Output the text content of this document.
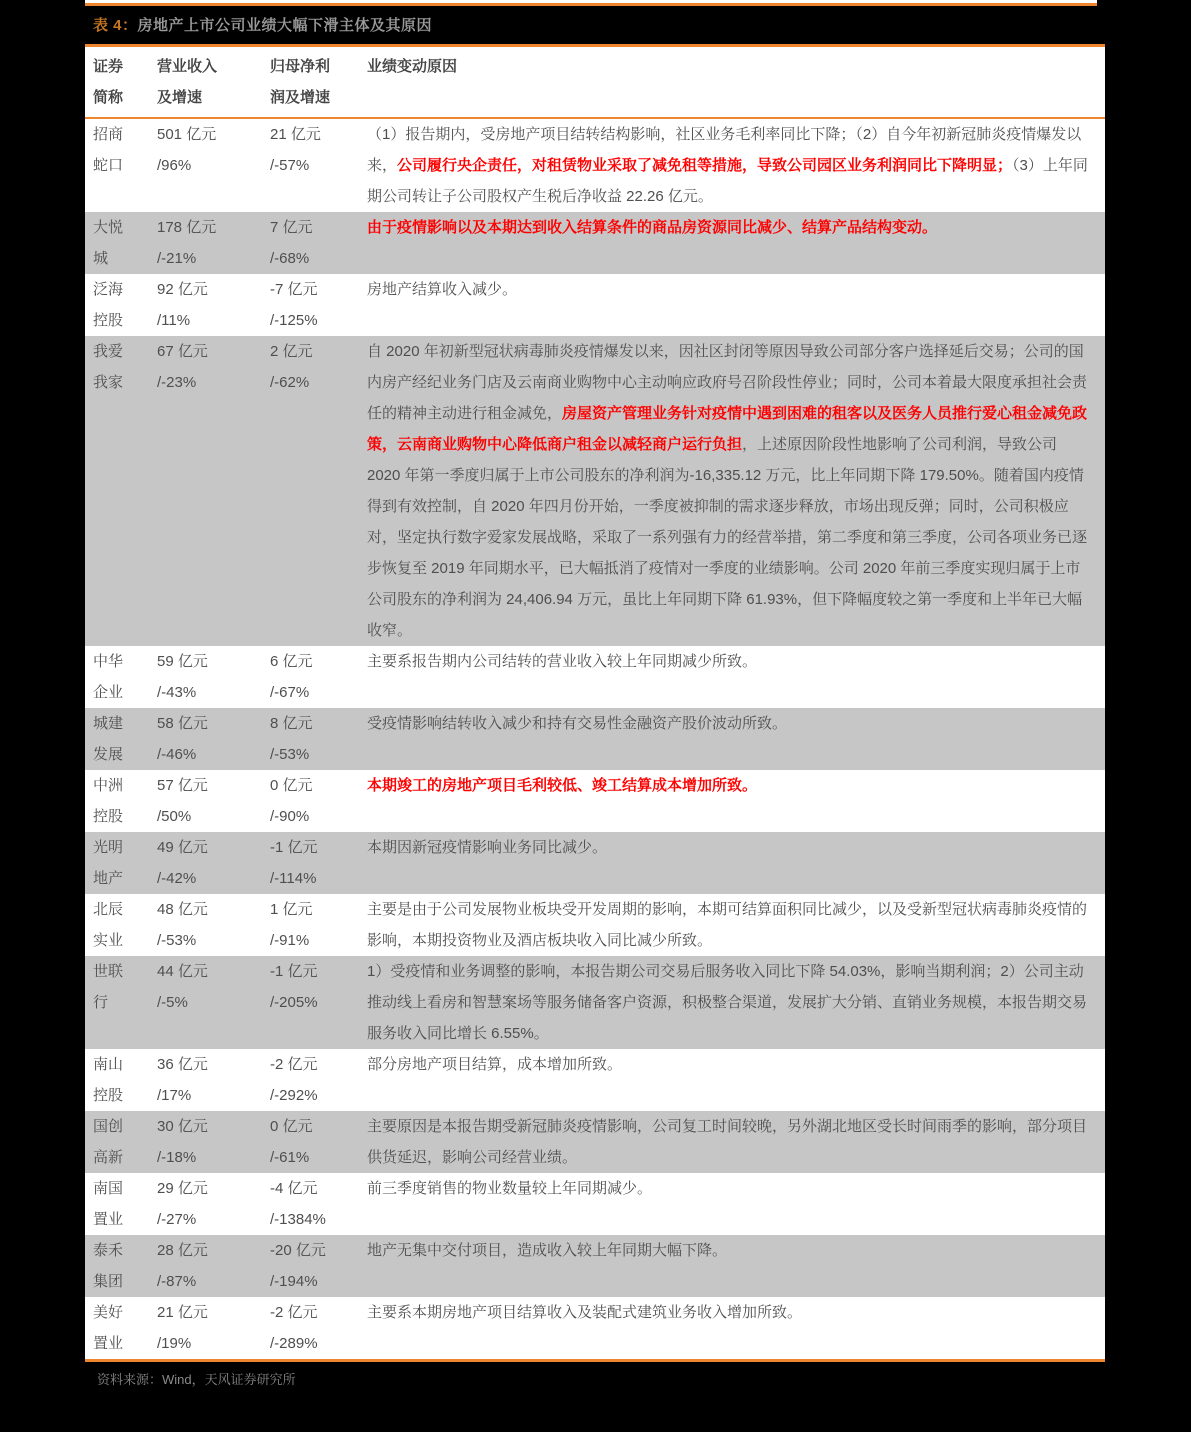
表 4：房地产上市公司业绩大幅下滑主体及其原因
证券
简称
营业收入
及增速
归母净利
润及增速
业绩变动原因
招商
蛇口
501 亿元
/96%
21 亿元
/-57%
（1）报告期内，受房地产项目结转结构影响，社区业务毛利率同比下降；（2）自今年初新冠肺炎疫情爆发以来，公司履行央企责任，对租赁物业采取了减免租等措施，导致公司园区业务利润同比下降明显；（3）上年同期公司转让子公司股权产生税后净收益 22.26 亿元。
大悦
城
178 亿元
/-21%
7 亿元
/-68%
由于疫情影响以及本期达到收入结算条件的商品房资源同比减少、结算产品结构变动。
泛海
控股
92 亿元
/11%
-7 亿元
/-125%
房地产结算收入减少。
我爱
我家
67 亿元
/-23%
2 亿元
/-62%
自 2020 年初新型冠状病毒肺炎疫情爆发以来，因社区封闭等原因导致公司部分客户选择延后交易；公司的国内房产经纪业务门店及云南商业购物中心主动响应政府号召阶段性停业；同时，公司本着最大限度承担社会责任的精神主动进行租金减免，房屋资产管理业务针对疫情中遇到困难的租客以及医务人员推行爱心租金减免政策，云南商业购物中心降低商户租金以减轻商户运行负担，上述原因阶段性地影响了公司利润，导致公司 2020 年第一季度归属于上市公司股东的净利润为-16,335.12 万元，比上年同期下降 179.50%。随着国内疫情得到有效控制，自 2020 年四月份开始，一季度被抑制的需求逐步释放，市场出现反弹；同时，公司积极应对，坚定执行数字爱家发展战略，采取了一系列强有力的经营举措，第二季度和第三季度，公司各项业务已逐步恢复至 2019 年同期水平，已大幅抵消了疫情对一季度的业绩影响。公司 2020 年前三季度实现归属于上市公司股东的净利润为 24,406.94 万元，虽比上年同期下降 61.93%，但下降幅度较之第一季度和上半年已大幅收窄。
中华
企业
59 亿元
/-43%
6 亿元
/-67%
主要系报告期内公司结转的营业收入较上年同期减少所致。
城建
发展
58 亿元
/-46%
8 亿元
/-53%
受疫情影响结转收入减少和持有交易性金融资产股价波动所致。
中洲
控股
57 亿元
/50%
0 亿元
/-90%
本期竣工的房地产项目毛利较低、竣工结算成本增加所致。
光明
地产
49 亿元
/-42%
-1 亿元
/-114%
本期因新冠疫情影响业务同比减少。
北辰
实业
48 亿元
/-53%
1 亿元
/-91%
主要是由于公司发展物业板块受开发周期的影响，本期可结算面积同比减少，以及受新型冠状病毒肺炎疫情的影响，本期投资物业及酒店板块收入同比减少所致。
世联
行
44 亿元
/-5%
-1 亿元
/-205%
1）受疫情和业务调整的影响，本报告期公司交易后服务收入同比下降 54.03%，影响当期利润；2）公司主动推动线上看房和智慧案场等服务储备客户资源，积极整合渠道，发展扩大分销、直销业务规模，本报告期交易服务收入同比增长 6.55%。
南山
控股
36 亿元
/17%
-2 亿元
/-292%
部分房地产项目结算，成本增加所致。
国创
高新
30 亿元
/-18%
0 亿元
/-61%
主要原因是本报告期受新冠肺炎疫情影响，公司复工时间较晚，另外湖北地区受长时间雨季的影响，部分项目供货延迟，影响公司经营业绩。
南国
置业
29 亿元
/-27%
-4 亿元
/-1384%
前三季度销售的物业数量较上年同期减少。
泰禾
集团
28 亿元
/-87%
-20 亿元
/-194%
地产无集中交付项目，造成收入较上年同期大幅下降。
美好
置业
21 亿元
/19%
-2 亿元
/-289%
主要系本期房地产项目结算收入及装配式建筑业务收入增加所致。
资料来源：Wind，天风证券研究所
